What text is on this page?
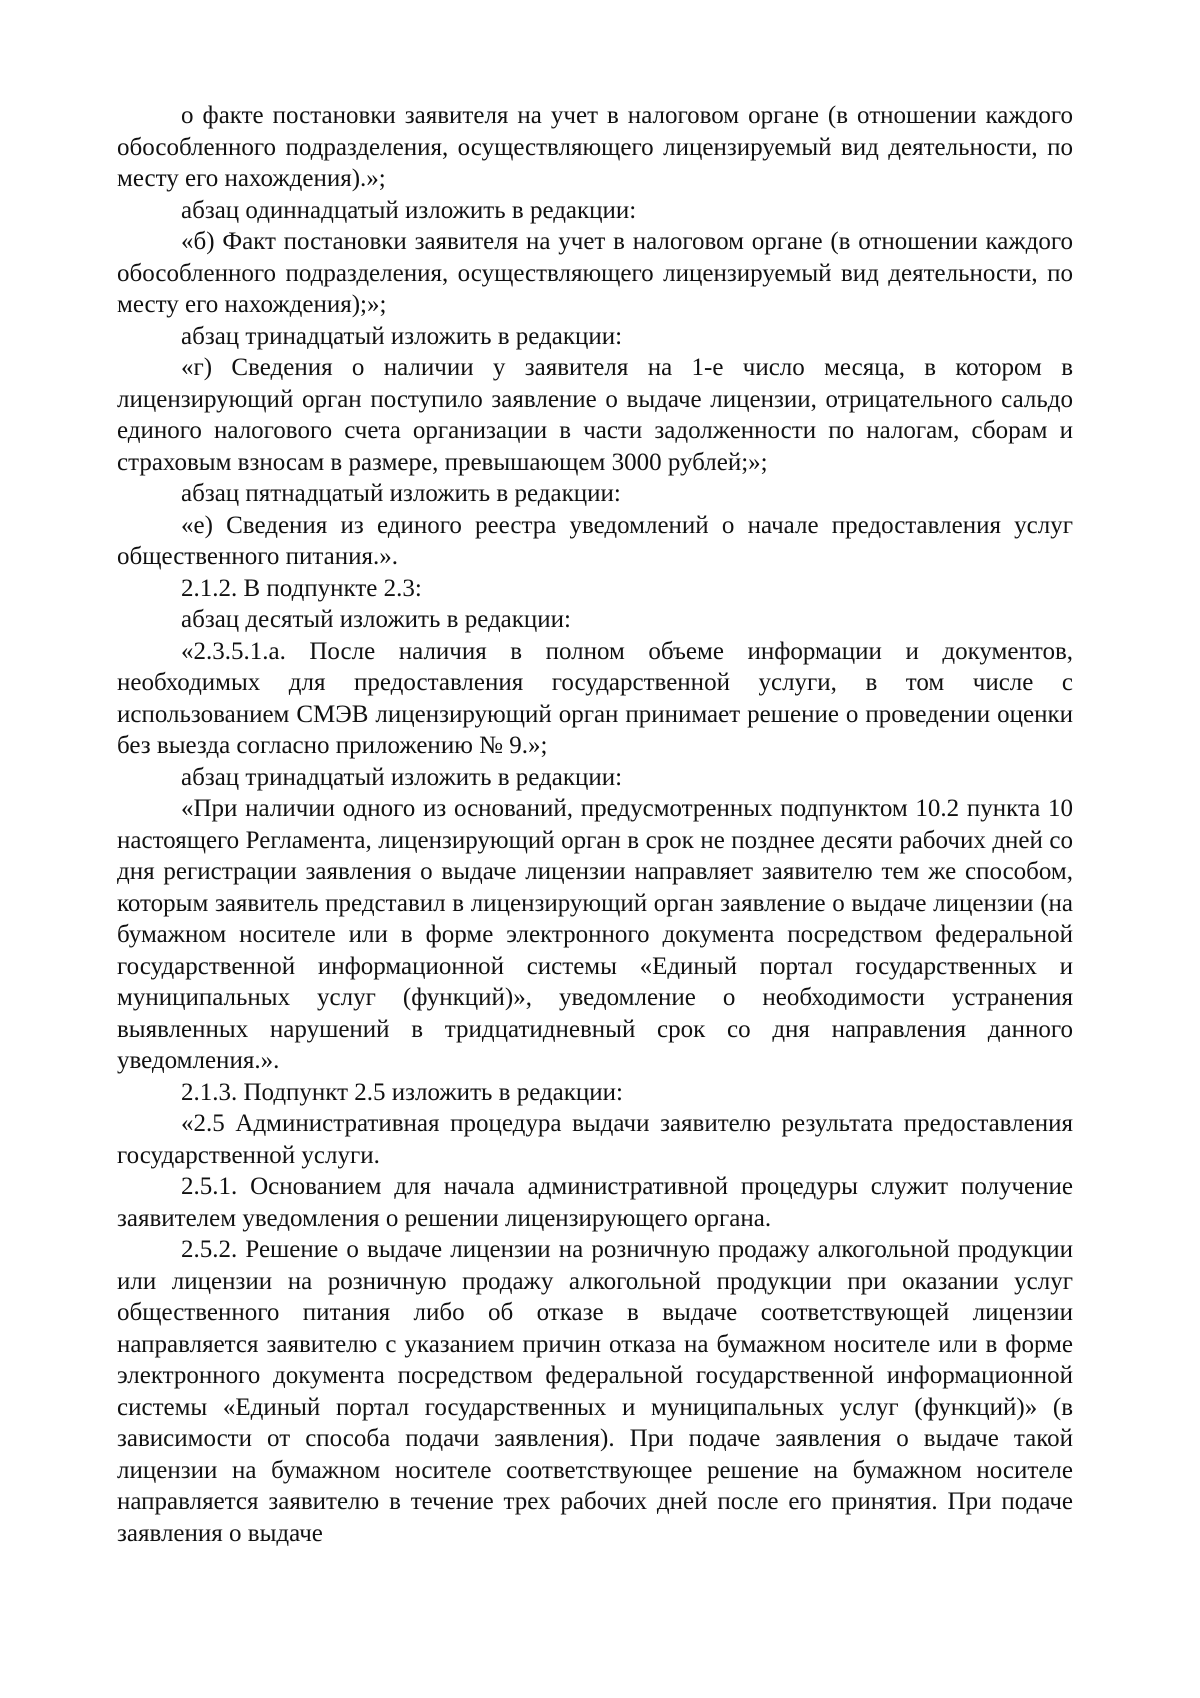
о факте постановки заявителя на учет в налоговом органе (в отношении каждого обособленного подразделения, осуществляющего лицензируемый вид деятельности, по месту его нахождения).»;

абзац одиннадцатый изложить в редакции:

«б) Факт постановки заявителя на учет в налоговом органе (в отношении каждого обособленного подразделения, осуществляющего лицензируемый вид деятельности, по месту его нахождения);»;

абзац тринадцатый изложить в редакции:

«г) Сведения о наличии у заявителя на 1-е число месяца, в котором в лицензирующий орган поступило заявление о выдаче лицензии, отрицательного сальдо единого налогового счета организации в части задолженности по налогам, сборам и страховым взносам в размере, превышающем 3000 рублей;»;

абзац пятнадцатый изложить в редакции:

«е) Сведения из единого реестра уведомлений о начале предоставления услуг общественного питания.».

2.1.2. В подпункте 2.3:

абзац десятый изложить в редакции:

«2.3.5.1.а. После наличия в полном объеме информации и документов, необходимых для предоставления государственной услуги, в том числе с использованием СМЭВ лицензирующий орган принимает решение о проведении оценки без выезда согласно приложению № 9.»;

абзац тринадцатый изложить в редакции:

«При наличии одного из оснований, предусмотренных подпунктом 10.2 пункта 10 настоящего Регламента, лицензирующий орган в срок не позднее десяти рабочих дней со дня регистрации заявления о выдаче лицензии направляет заявителю тем же способом, которым заявитель представил в лицензирующий орган заявление о выдаче лицензии (на бумажном носителе или в форме электронного документа посредством федеральной государственной информационной системы «Единый портал государственных и муниципальных услуг (функций)», уведомление о необходимости устранения выявленных нарушений в тридцатидневный срок со дня направления данного уведомления.».

2.1.3. Подпункт 2.5 изложить в редакции:

«2.5 Административная процедура выдачи заявителю результата предоставления государственной услуги.

2.5.1. Основанием для начала административной процедуры служит получение заявителем уведомления о решении лицензирующего органа.

2.5.2. Решение о выдаче лицензии на розничную продажу алкогольной продукции или лицензии на розничную продажу алкогольной продукции при оказании услуг общественного питания либо об отказе в выдаче соответствующей лицензии направляется заявителю с указанием причин отказа на бумажном носителе или в форме электронного документа посредством федеральной государственной информационной системы «Единый портал государственных и муниципальных услуг (функций)» (в зависимости от способа подачи заявления). При подаче заявления о выдаче такой лицензии на бумажном носителе соответствующее решение на бумажном носителе направляется заявителю в течение трех рабочих дней после его принятия. При подаче заявления о выдаче
